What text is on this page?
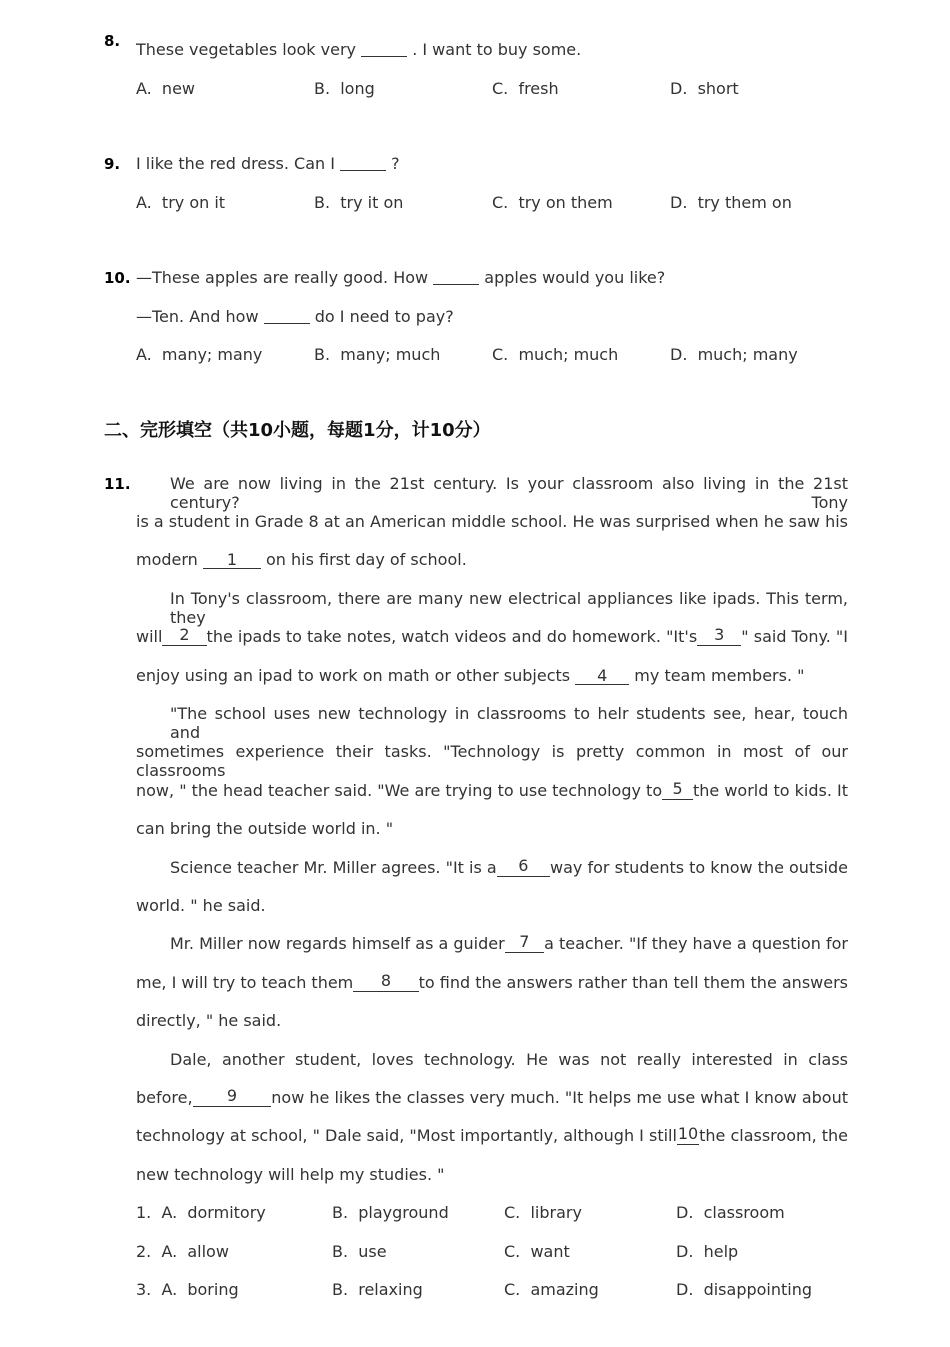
8. These vegetables look very	. I want to buy some.
A. new	B. long	C. fresh	D. short
9. I like the red dress. Can I	?
A. try on it	B. try it on	C. try on them	D. try them on
10. —These apples are really good. How	apples would you like?
—Ten. And how	do I need to pay?
A. many; many	B. many; much	C. much; much	D. much; many
二、完形填空（共10小题，每题1分，计10分）
11. We are now living in the 21st century. Is your classroom also living in the 21st century? Tony
is a student in Grade 8 at an American middle school. He was surprised when he saw his
modern 1 on his first day of school.
In Tony's classroom, there are many new electrical appliances like ipads. This term, they
will	2	the ipads to take notes, watch videos and do homework. "It's	3	" said Tony. "I
enjoy using an ipad to work on math or other subjects 4 my team members. "
"The school uses new technology in classrooms to helr students see, hear, touch and
sometimes experience their tasks. "Technology is pretty common in most of our classrooms
now, " the head teacher said. "We are trying to use technology to 5 the world to kids. It
can bring the outside world in. "
Science teacher Mr. Miller agrees. "It is a	6	way for students to know the outside
world. " he said.
Mr. Miller now regards himself as a guider 7 a teacher. "If they have a question for
me, I will try to teach them	8	to find the answers rather than tell them the answers
directly, " he said.
Dale, another student, loves technology. He was not really interested in class
before,	9	now he likes the classes very much. "It helps me use what I know about
technology at school, " Dale said, "Most importantly, although I still 10 the classroom, the
new technology will help my studies. "
1. A. dormitory	B. playground	C. library	D. classroom
2. A. allow	B. use	C. want	D. help
3. A. boring	B. relaxing	C. amazing	D. disappointing
